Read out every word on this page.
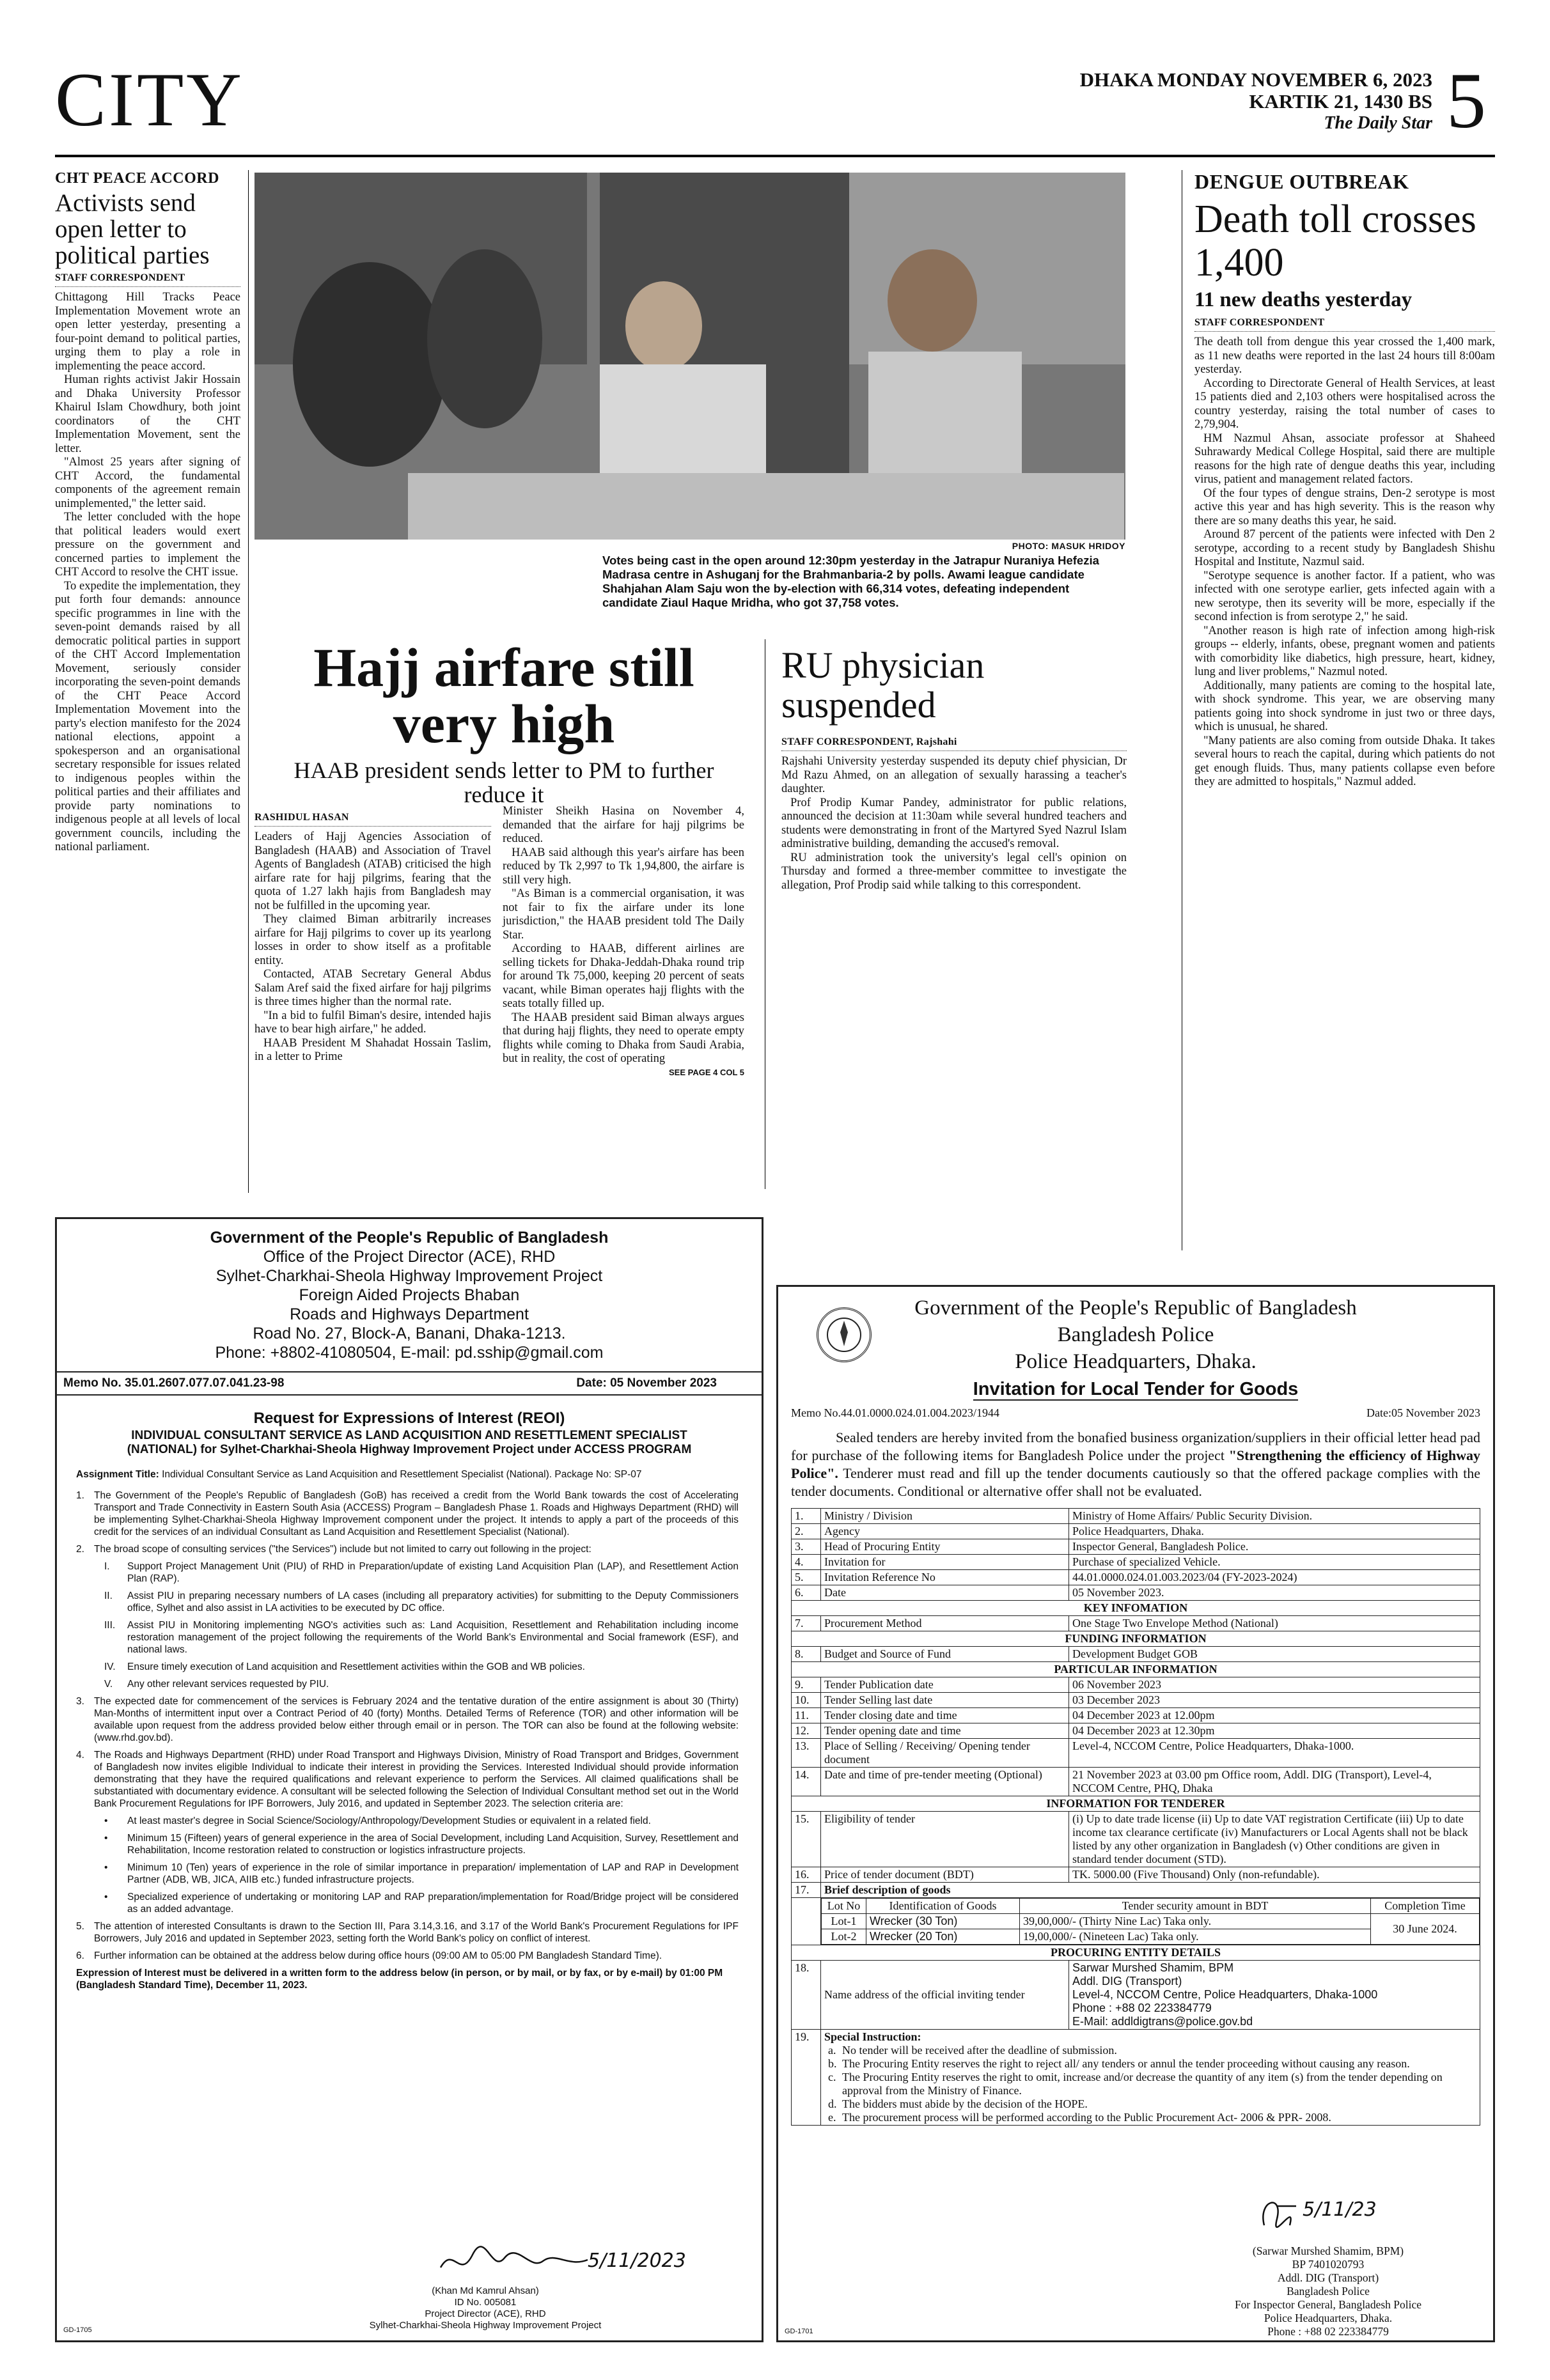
CITY	DHAKA MONDAY NOVEMBER 6, 2023
KARTIK 21, 1430 BS
The Daily Star 5
CHT PEACE ACCORD
Activists send open letter to political parties
STAFF CORRESPONDENT

Chittagong Hill Tracks Peace Implementation Movement wrote an open letter yesterday, presenting a four-point demand to political parties, urging them to play a role in implementing the peace accord.

Human rights activist Jakir Hossain and Dhaka University Professor Khairul Islam Chowdhury, both joint coordinators of the CHT Implementation Movement, sent the letter.

"Almost 25 years after signing of CHT Accord, the fundamental components of the agreement remain unimplemented," the letter said.

The letter concluded with the hope that political leaders would exert pressure on the government and concerned parties to implement the CHT Accord to resolve the CHT issue.

To expedite the implementation, they put forth four demands: announce specific programmes in line with the seven-point demands raised by all democratic political parties in support of the CHT Accord Implementation Movement, seriously consider incorporating the seven-point demands of the CHT Peace Accord Implementation Movement into the party's election manifesto for the 2024 national elections, appoint a spokesperson and an organisational secretary responsible for issues related to indigenous peoples within the political parties and their affiliates and provide party nominations to indigenous people at all levels of local government councils, including the national parliament.

PHOTO: MASUK HRIDOY
Votes being cast in the open around 12:30pm yesterday in the Jatrapur Nuraniya Hefezia Madrasa centre in Ashuganj for the Brahmanbaria-2 by polls. Awami league candidate Shahjahan Alam Saju won the by-election with 66,314 votes, defeating independent candidate Ziaul Haque Mridha, who got 37,758 votes.
Hajj airfare still very high
HAAB president sends letter to PM to further reduce it
RASHIDUL HASAN

Leaders of Hajj Agencies Association of Bangladesh (HAAB) and Association of Travel Agents of Bangladesh (ATAB) criticised the high airfare rate for hajj pilgrims, fearing that the quota of 1.27 lakh hajis from Bangladesh may not be fulfilled in the upcoming year.

They claimed Biman arbitrarily increases airfare for Hajj pilgrims to cover up its yearlong losses in order to show itself as a profitable entity.

Contacted, ATAB Secretary General Abdus Salam Aref said the fixed airfare for hajj pilgrims is three times higher than the normal rate.

"In a bid to fulfil Biman's desire, intended hajis have to bear high airfare," he added.

HAAB President M Shahadat Hossain Taslim, in a letter to Prime

Minister Sheikh Hasina on November 4, demanded that the airfare for hajj pilgrims be reduced.

HAAB said although this year's airfare has been reduced by Tk 2,997 to Tk 1,94,800, the airfare is still very high.

"As Biman is a commercial organisation, it was not fair to fix the airfare under its lone jurisdiction," the HAAB president told The Daily Star.

According to HAAB, different airlines are selling tickets for Dhaka-Jeddah-Dhaka round trip for around Tk 75,000, keeping 20 percent of seats vacant, while Biman operates hajj flights with the seats totally filled up.

The HAAB president said Biman always argues that during hajj flights, they need to operate empty flights while coming to Dhaka from Saudi Arabia, but in reality, the cost of operating

SEE PAGE 4 COL 5
RU physician suspended
STAFF CORRESPONDENT, Rajshahi

Rajshahi University yesterday suspended its deputy chief physician, Dr Md Razu Ahmed, on an allegation of sexually harassing a teacher's daughter.

Prof Prodip Kumar Pandey, administrator for public relations, announced the decision at 11:30am while several hundred teachers and students were demonstrating in front of the Martyred Syed Nazrul Islam administrative building, demanding the accused's removal.

RU administration took the university's legal cell's opinion on Thursday and formed a three-member committee to investigate the allegation, Prof Prodip said while talking to this correspondent.

DENGUE OUTBREAK
Death toll crosses 1,400
11 new deaths yesterday
STAFF CORRESPONDENT

The death toll from dengue this year crossed the 1,400 mark, as 11 new deaths were reported in the last 24 hours till 8:00am yesterday.

According to Directorate General of Health Services, at least 15 patients died and 2,103 others were hospitalised across the country yesterday, raising the total number of cases to 2,79,904.

HM Nazmul Ahsan, associate professor at Shaheed Suhrawardy Medical College Hospital, said there are multiple reasons for the high rate of dengue deaths this year, including virus, patient and management related factors.

Of the four types of dengue strains, Den-2 serotype is most active this year and has high severity. This is the reason why there are so many deaths this year, he said.

Around 87 percent of the patients were infected with Den 2 serotype, according to a recent study by Bangladesh Shishu Hospital and Institute, Nazmul said.

"Serotype sequence is another factor. If a patient, who was infected with one serotype earlier, gets infected again with a new serotype, then its severity will be more, especially if the second infection is from serotype 2," he said.

"Another reason is high rate of infection among high-risk groups -- elderly, infants, obese, pregnant women and patients with comorbidity like diabetics, high pressure, heart, kidney, lung and liver problems," Nazmul noted.

Additionally, many patients are coming to the hospital late, with shock syndrome. This year, we are observing many patients going into shock syndrome in just two or three days, which is unusual, he shared.

"Many patients are also coming from outside Dhaka. It takes several hours to reach the capital, during which patients do not get enough fluids. Thus, many patients collapse even before they are admitted to hospitals," Nazmul added.

Government of the People's Republic of Bangladesh
Office of the Project Director (ACE), RHD
Sylhet-Charkhai-Sheola Highway Improvement Project
Foreign Aided Projects Bhaban
Roads and Highways Department
Road No. 27, Block-A, Banani, Dhaka-1213.
Phone: +8802-41080504, E-mail: pd.sship@gmail.com
Memo No. 35.01.2607.077.07.041.23-98	Date: 05 November 2023
Request for Expressions of Interest (REOI)
INDIVIDUAL CONSULTANT SERVICE AS LAND ACQUISITION AND RESETTLEMENT SPECIALIST (NATIONAL) for Sylhet-Charkhai-Sheola Highway Improvement Project under ACCESS PROGRAM
Assignment Title: Individual Consultant Service as Land Acquisition and Resettlement Specialist (National). Package No: SP-07
1. The Government of the People's Republic of Bangladesh (GoB) has received a credit from the World Bank towards the cost of Accelerating Transport and Trade Connectivity in Eastern South Asia (ACCESS) Program – Bangladesh Phase 1. Roads and Highways Department (RHD) will be implementing Sylhet-Charkhai-Sheola Highway Improvement component under the project. It intends to apply a part of the proceeds of this credit for the services of an individual Consultant as Land Acquisition and Resettlement Specialist (National).
2. The broad scope of consulting services ("the Services") include but not limited to carry out following in the project:
I.	Support Project Management Unit (PIU) of RHD in Preparation/update of existing Land Acquisition Plan (LAP), and Resettlement Action Plan (RAP).
II.	Assist PIU in preparing necessary numbers of LA cases (including all preparatory activities) for submitting to the Deputy Commissioners office, Sylhet and also assist in LA activities to be executed by DC office.
III.	Assist PIU in Monitoring implementing NGO's activities such as: Land Acquisition, Resettlement and Rehabilitation including income restoration management of the project following the requirements of the World Bank's Environmental and Social framework (ESF), and national laws.
IV.	Ensure timely execution of Land acquisition and Resettlement activities within the GOB and WB policies.
V.	Any other relevant services requested by PIU.
3. The expected date for commencement of the services is February 2024 and the tentative duration of the entire assignment is about 30 (Thirty) Man-Months of intermittent input over a Contract Period of 40 (forty) Months. Detailed Terms of Reference (TOR) and other information will be available upon request from the address provided below either through email or in person. The TOR can also be found at the following website: (www.rhd.gov.bd).
4. The Roads and Highways Department (RHD) under Road Transport and Highways Division, Ministry of Road Transport and Bridges, Government of Bangladesh now invites eligible Individual to indicate their interest in providing the Services. Interested Individual should provide information demonstrating that they have the required qualifications and relevant experience to perform the Services. All claimed qualifications shall be substantiated with documentary evidence. A consultant will be selected following the Selection of Individual Consultant method set out in the World Bank Procurement Regulations for IPF Borrowers, July 2016, and updated in September 2023. The selection criteria are:
•	At least master's degree in Social Science/Sociology/Anthropology/Development Studies or equivalent in a related field.
•	Minimum 15 (Fifteen) years of general experience in the area of Social Development, including Land Acquisition, Survey, Resettlement and Rehabilitation, Income restoration related to construction or logistics infrastructure projects.
•	Minimum 10 (Ten) years of experience in the role of similar importance in preparation/ implementation of LAP and RAP in Development Partner (ADB, WB, JICA, AIIB etc.) funded infrastructure projects.
•	Specialized experience of undertaking or monitoring LAP and RAP preparation/implementation for Road/Bridge project will be considered as an added advantage.
5. The attention of interested Consultants is drawn to the Section III, Para 3.14,3.16, and 3.17 of the World Bank's Procurement Regulations for IPF Borrowers, July 2016 and updated in September 2023, setting forth the World Bank's policy on conflict of interest.
6. Further information can be obtained at the address below during office hours (09:00 AM to 05:00 PM Bangladesh Standard Time).
Expression of Interest must be delivered in a written form to the address below (in person, or by mail, or by fax, or by e-mail) by 01:00 PM (Bangladesh Standard Time), December 11, 2023.
5/11/2023
(Khan Md Kamrul Ahsan)
ID No. 005081
Project Director (ACE), RHD
Sylhet-Charkhai-Sheola Highway Improvement Project
GD-1705
Government of the People's Republic of Bangladesh
Bangladesh Police
Police Headquarters, Dhaka.
Invitation for Local Tender for Goods
Memo No.44.01.0000.024.01.004.2023/1944	Date:05 November 2023
Sealed tenders are hereby invited from the bonafied business organization/suppliers in their official letter head pad for purchase of the following items for Bangladesh Police under the project "Strengthening the efficiency of Highway Police". Tenderer must read and fill up the tender documents cautiously so that the offered package complies with the tender documents. Conditional or alternative offer shall not be evaluated.
1.	Ministry / Division	Ministry of Home Affairs/ Public Security Division.
2.	Agency	Police Headquarters, Dhaka.
3.	Head of Procuring Entity	Inspector General, Bangladesh Police.
4.	Invitation for	Purchase of specialized Vehicle.
5.	Invitation Reference No	44.01.0000.024.01.003.2023/04 (FY-2023-2024)
6.	Date	05 November 2023.
KEY INFOMATION
7.	Procurement Method	One Stage Two Envelope Method (National)
FUNDING INFORMATION
8.	Budget and Source of Fund	Development Budget GOB
PARTICULAR INFORMATION
9.	Tender Publication date	06 November 2023
10.	Tender Selling last date	03 December 2023
11.	Tender closing date and time	04 December 2023 at 12.00pm
12.	Tender opening date and time	04 December 2023 at 12.30pm
13.	Place of Selling / Receiving/ Opening tender document	Level-4, NCCOM Centre, Police Headquarters, Dhaka-1000.
14.	Date and time of pre-tender meeting (Optional)	21 November 2023 at 03.00 pm Office room, Addl. DIG (Transport), Level-4, NCCOM Centre, PHQ, Dhaka
INFORMATION FOR TENDERER
15.	Eligibility of tender	(i) Up to date trade license (ii) Up to date VAT registration Certificate (iii) Up to date income tax clearance certificate (iv) Manufacturers or Local Agents shall not be black listed by any other organization in Bangladesh (v) Other conditions are given in standard tender document (STD).
16.	Price of tender document (BDT)	TK. 5000.00 (Five Thousand) Only (non-refundable).
17.	Brief description of goods

Lot No	Identification of Goods	Tender security amount in BDT	Completion Time
Lot-1	Wrecker (30 Ton)	39,00,000/- (Thirty Nine Lac) Taka only.	30 June 2024.
Lot-2	Wrecker (20 Ton)	19,00,000/- (Nineteen Lac) Taka only.

PROCURING ENTITY DETAILS
18.	Name address of the official inviting tender	
Sarwar Murshed Shamim, BPM
Addl. DIG (Transport)
Level-4, NCCOM Centre, Police Headquarters, Dhaka-1000
Phone : +88 02 223384779
E-Mail: addldigtrans@police.gov.bd

19.	Special Instruction:
a. No tender will be received after the deadline of submission.
b. The Procuring Entity reserves the right to reject all/ any tenders or annul the tender proceeding without causing any reason.
c. The Procuring Entity reserves the right to omit, increase and/or decrease the quantity of any item (s) from the tender depending on approval from the Ministry of Finance.
d. The bidders must abide by the decision of the HOPE.
e. The procurement process will be performed according to the Public Procurement Act- 2006 & PPR- 2008.
5/11/23
(Sarwar Murshed Shamim, BPM)
BP 7401020793
Addl. DIG (Transport)
Bangladesh Police
For Inspector General, Bangladesh Police
Police Headquarters, Dhaka.
Phone : +88 02 223384779
GD-1701
